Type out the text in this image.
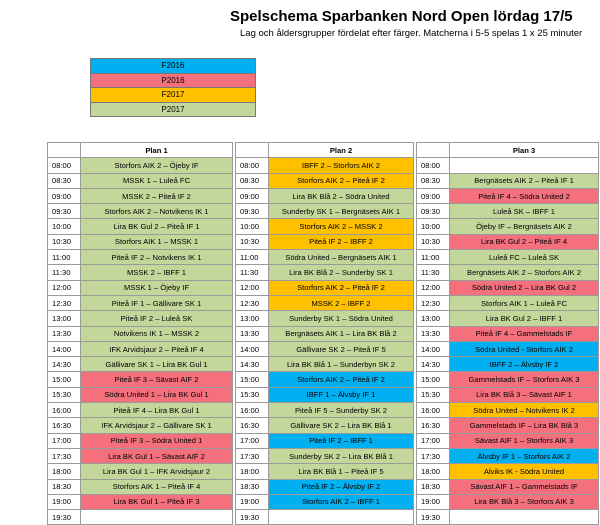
Spelschema Sparbanken Nord Open lördag 17/5
Lag och åldersgrupper fördelat efter färger. Matcherna i 5-5 spelas 1 x 25 minuter
F2016
P2016
F2017
P2017
	Plan 1			Plan 2			Plan 3
08:00	Storfors AIK 2 – Öjeby IF		08:00	IBFF 2 – Storfors AIK 2		08:00	
08:30	MSSK 1 – Luleå FC		08:30	Storfors AIK 2 – Piteå IF 2		08:30	Bergnäsets AIK 2 – Piteå IF 1
09:00	MSSK 2 – Piteå IF 2		09:00	Lira BK Blå 2 – Södra United		09:00	Piteå IF 4 – Södra United 2
09:30	Storfors AIK 2 – Notvikens IK 1		09:30	Sunderby SK 1 – Bergnäsets AIK 1		09:30	Luleå SK – IBFF 1
10:00	Lira BK Gul 2 – Piteå IF 1		10:00	Storfors AIK 2 – MSSK 2		10:00	Öjeby IF – Bergnäsets AIK 2
10:30	Storfors AIK 1 – MSSK 1		10:30	Piteå IF 2 – IBFF 2		10:30	Lira BK Gul 2 – Piteå IF 4
11:00	Piteå IF 2 – Notvikens IK 1		11:00	Södra United – Bergnäsets AIK 1		11:00	Luleå FC – Luleå SK
11:30	MSSK 2 – IBFF 1		11:30	Lira BK Blå 2 – Sunderby SK 1		11:30	Bergnäsets AIK 2 – Storfors AIK 2
12:00	MSSK 1 – Öjeby IF		12:00	Storfors AIK 2 – Piteå IF 2		12:00	Södra United 2 – Lira BK Gul 2
12:30	Piteå IF 1 – Gällivare SK 1		12:30	MSSK 2 – IBFF 2		12:30	Storfors AIK 1 – Luleå FC
13:00	Piteå IF 2 – Luleå SK		13:00	Sunderby SK 1 – Södra United		13:00	Lira BK Gul 2 – IBFF 1
13:30	Notvikens IK 1 – MSSK 2		13:30	Bergnäsets AIK 1 – Lira BK Blå 2		13:30	Piteå IF 4 – Gammelstads IF
14:00	IFK Arvidsjaur 2 – Piteå IF 4		14:00	Gällivare SK 2 – Piteå IF 5		14:00	Södra United - Storfors AIK 2
14:30	Gällivare SK 1 – Lira BK Gul 1		14:30	Lira BK Blå 1 – Sunderbyn SK 2		14:30	IBFF 2 – Älvsby IF 2
15:00	Piteå IF 3 – Sävast AIF 2		15:00	Storfors AIK 2 – Piteå IF 2		15:00	Gammelstads IF – Storfors AIK 3
15:30	Södra United 1 – Lira BK Gul 1		15:30	IBFF 1 – Älvsby IF 1		15:30	Lira BK Blå 3 – Sävast AIF 1
16:00	Piteå IF 4 – Lira BK Gul 1		16:00	Piteå IF 5 – Sunderby SK 2		16:00	Södra United – Notvikens IK 2
16:30	IFK Arvidsjaur 2 – Gällivare SK 1		16:30	Gällivare SK 2 – Lira BK Blå 1		16:30	Gammelstads IF – Lira BK Blå 3
17:00	Piteå IF 3 – Södra United 1		17:00	Piteå IF 2 – IBFF 1		17:00	Sävast AIF 1 – Storfors AIK 3
17:30	Lira BK Gul 1 – Sävast AIF 2		17:30	Sunderby SK 2 – Lira BK Blå 1		17:30	Älvsby IF 1 – Storfors AIK 2
18:00	Lira BK Gul 1 – IFK Arvidsjaur 2		18:00	Lira BK Blå 1 – Piteå IF 5		18:00	Alviks IK - Södra United
18:30	Storfors AIK 1 – Piteå IF 4		18:30	Piteå IF 2 – Älvsby IF 2		18:30	Sävast AIF 1 – Gammelstads IF
19:00	Lira BK Gul 1 – Piteå IF 3		19:00	Storfors AIK 2 – IBFF 1		19:00	Lira BK Blå 3 – Storfors AIK 3
19:30			19:30			19:30	
